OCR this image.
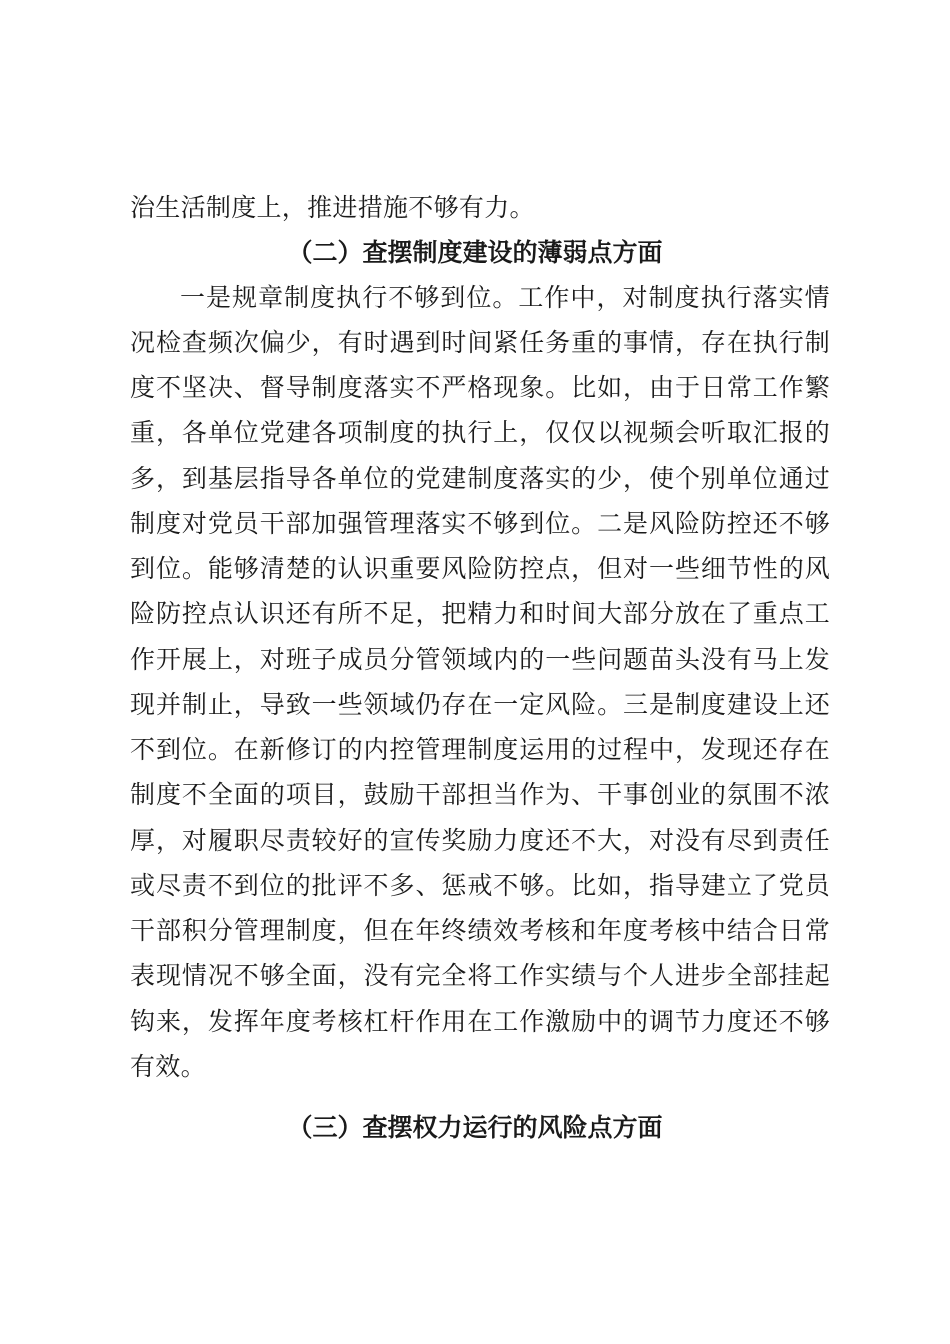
治生活制度上，推进措施不够有力。
（二）查摆制度建设的薄弱点方面
一是规章制度执行不够到位。工作中，对制度执行落实情
况检查频次偏少，有时遇到时间紧任务重的事情，存在执行制
度不坚决、督导制度落实不严格现象。比如，由于日常工作繁
重，各单位党建各项制度的执行上，仅仅以视频会听取汇报的
多，到基层指导各单位的党建制度落实的少，使个别单位通过
制度对党员干部加强管理落实不够到位。二是风险防控还不够
到位。能够清楚的认识重要风险防控点，但对一些细节性的风
险防控点认识还有所不足，把精力和时间大部分放在了重点工
作开展上，对班子成员分管领域内的一些问题苗头没有马上发
现并制止，导致一些领域仍存在一定风险。三是制度建设上还
不到位。在新修订的内控管理制度运用的过程中，发现还存在
制度不全面的项目，鼓励干部担当作为、干事创业的氛围不浓
厚，对履职尽责较好的宣传奖励力度还不大，对没有尽到责任
或尽责不到位的批评不多、惩戒不够。比如，指导建立了党员
干部积分管理制度，但在年终绩效考核和年度考核中结合日常
表现情况不够全面，没有完全将工作实绩与个人进步全部挂起
钩来，发挥年度考核杠杆作用在工作激励中的调节力度还不够
有效。
（三）查摆权力运行的风险点方面
